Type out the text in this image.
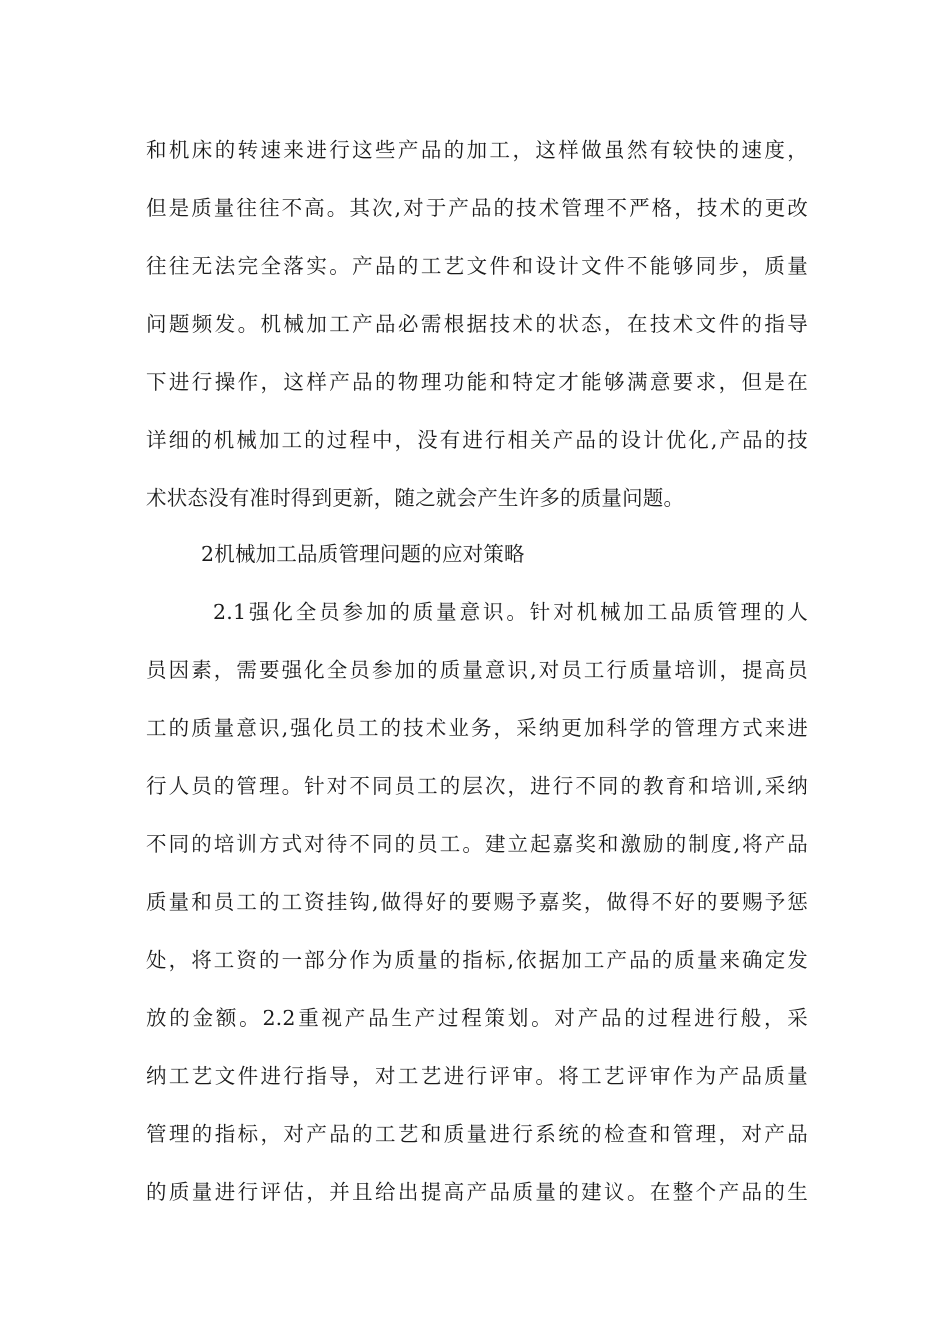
和机床的转速来进行这些产品的加工，这样做虽然有较快的速度，
但是质量往往不高。其次,对于产品的技术管理不严格，技术的更改
往往无法完全落实。产品的工艺文件和设计文件不能够同步，质量
问题频发。机械加工产品必需根据技术的状态，在技术文件的指导
下进行操作，这样产品的物理功能和特定才能够满意要求，但是在
详细的机械加工的过程中，没有进行相关产品的设计优化,产品的技
术状态没有准时得到更新，随之就会产生许多的质量问题。
2机械加工品质管理问题的应对策略
2.1强化全员参加的质量意识。针对机械加工品质管理的人
员因素，需要强化全员参加的质量意识,对员工行质量培训，提高员
工的质量意识,强化员工的技术业务，采纳更加科学的管理方式来进
行人员的管理。针对不同员工的层次，进行不同的教育和培训,采纳
不同的培训方式对待不同的员工。建立起嘉奖和激励的制度,将产品
质量和员工的工资挂钩,做得好的要赐予嘉奖，做得不好的要赐予惩
处，将工资的一部分作为质量的指标,依据加工产品的质量来确定发
放的金额。2.2重视产品生产过程策划。对产品的过程进行般，采
纳工艺文件进行指导，对工艺进行评审。将工艺评审作为产品质量
管理的指标，对产品的工艺和质量进行系统的检查和管理，对产品
的质量进行评估，并且给出提高产品质量的建议。在整个产品的生
